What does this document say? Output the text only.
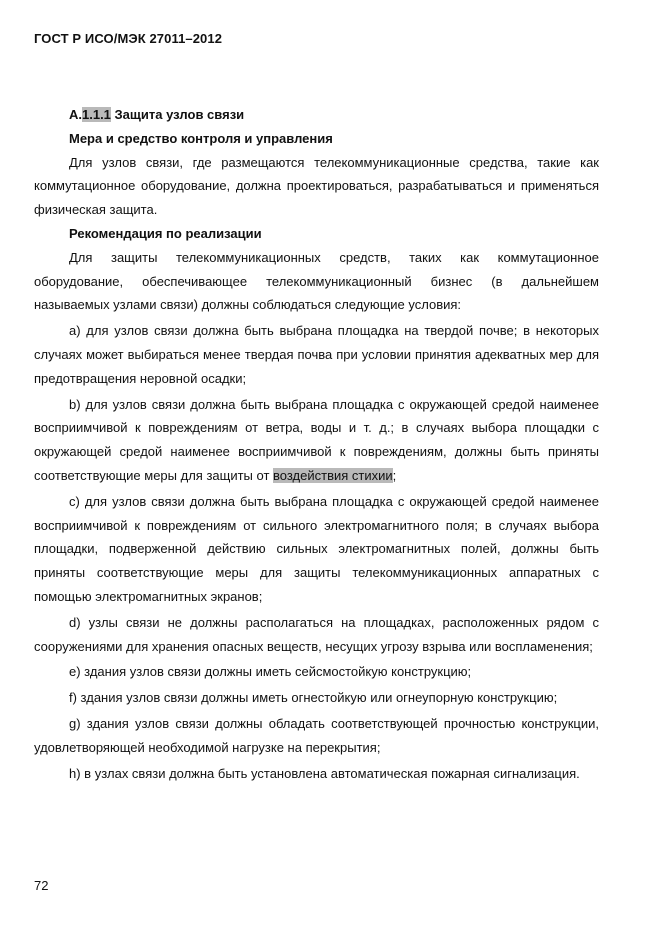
ГОСТ Р ИСО/МЭК 27011–2012

А.1.1.1 Защита узлов связи

Мера и средство контроля и управления

Для узлов связи, где размещаются телекоммуникационные средства, такие как коммутационное оборудование, должна проектироваться, разрабатываться и применяться физическая защита.

Рекомендация по реализации

Для защиты телекоммуникационных средств, таких как коммутационное оборудование, обеспечивающее телекоммуникационный бизнес (в дальнейшем называемых узлами связи) должны соблюдаться следующие условия:

а) для узлов связи должна быть выбрана площадка на твердой почве; в некоторых случаях может выбираться менее твердая почва при условии принятия адекватных мер для предотвращения неровной осадки;

b) для узлов связи должна быть выбрана площадка с окружающей средой наименее восприимчивой к повреждениям от ветра, воды и т. д.; в случаях выбора площадки с окружающей средой наименее восприимчивой к повреждениям, должны быть приняты соответствующие меры для защиты от воздействия стихии;

с) для узлов связи должна быть выбрана площадка с окружающей средой наименее восприимчивой к повреждениям от сильного электромагнитного поля; в случаях выбора площадки, подверженной действию сильных электромагнитных полей, должны быть приняты соответствующие меры для защиты телекоммуникационных аппаратных с помощью электромагнитных экранов;

d) узлы связи не должны располагаться на площадках, расположенных рядом с сооружениями для хранения опасных веществ, несущих угрозу взрыва или воспламенения;

e) здания узлов связи должны иметь сейсмостойкую конструкцию;

f) здания узлов связи должны иметь огнестойкую или огнеупорную конструкцию;

g) здания узлов связи должны обладать соответствующей прочностью конструкции, удовлетворяющей необходимой нагрузке на перекрытия;

h) в узлах связи должна быть установлена автоматическая пожарная сигнализация.

72
